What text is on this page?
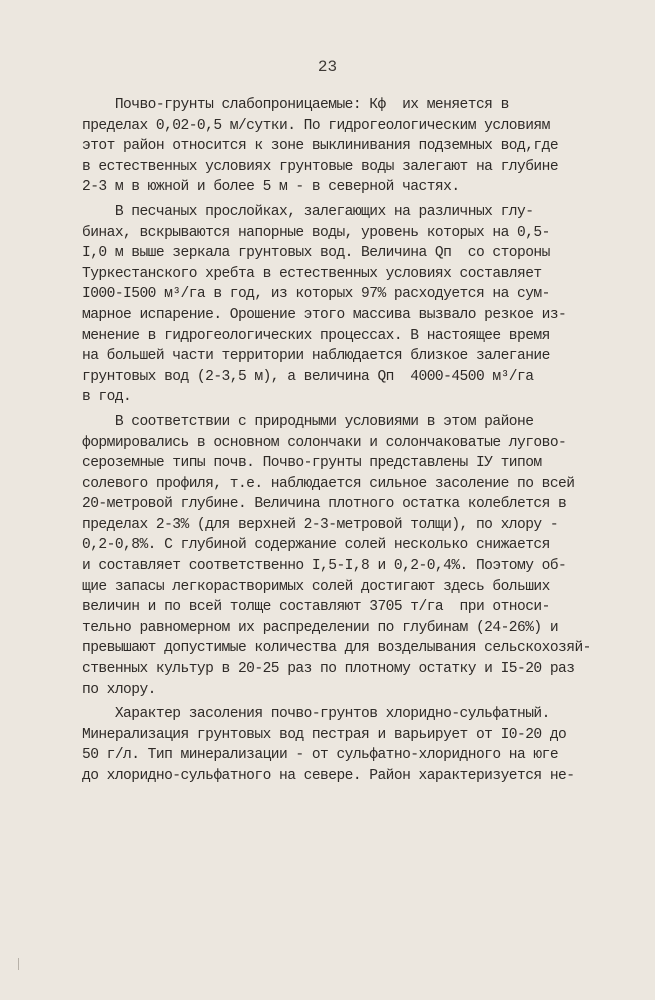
23
Почво-грунты слабопроницаемые: Кф  их меняется в
пределах 0,02-0,5 м/сутки. По гидрогеологическим условиям
этот район относится к зоне выклинивания подземных вод,где
в естественных условиях грунтовые воды залегают на глубине
2-3 м в южной и более 5 м - в северной частях.
В песчаных прослойках, залегающих на различных глу-
бинах, вскрываются напорные воды, уровень которых на 0,5-
I,0 м выше зеркала грунтовых вод. Величина Qп  со стороны
Туркестанского хребта в естественных условиях составляет
I000-I500 м³/га в год, из которых 97% расходуется на сум-
марное испарение. Орошение этого массива вызвало резкое из-
менение в гидрогеологических процессах. В настоящее время
на большей части территории наблюдается близкое залегание
грунтовых вод (2-3,5 м), а величина Qп  4000-4500 м³/га
в год.
В соответствии с природными условиями в этом районе
формировались в основном солончаки и солончаковатые лугово-
сероземные типы почв. Почво-грунты представлены IУ типом
солевого профиля, т.е. наблюдается сильное засоление по всей
20-метровой глубине. Величина плотного остатка колеблется в
пределах 2-3% (для верхней 2-3-метровой толщи), по хлору -
0,2-0,8%. С глубиной содержание солей несколько снижается
и составляет соответственно I,5-I,8 и 0,2-0,4%. Поэтому об-
щие запасы легкорастворимых солей достигают здесь больших
величин и по всей толще составляют 3705 т/га  при относи-
тельно равномерном их распределении по глубинам (24-26%) и
превышают допустимые количества для возделывания сельскохозяй-
ственных культур в 20-25 раз по плотному остатку и I5-20 раз
по хлору.
Характер засоления почво-грунтов хлоридно-сульфатный.
Минерализация грунтовых вод пестрая и варьирует от I0-20 до
50 г/л. Тип минерализации - от сульфатно-хлоридного на юге
до хлоридно-сульфатного на севере. Район характеризуется не-
